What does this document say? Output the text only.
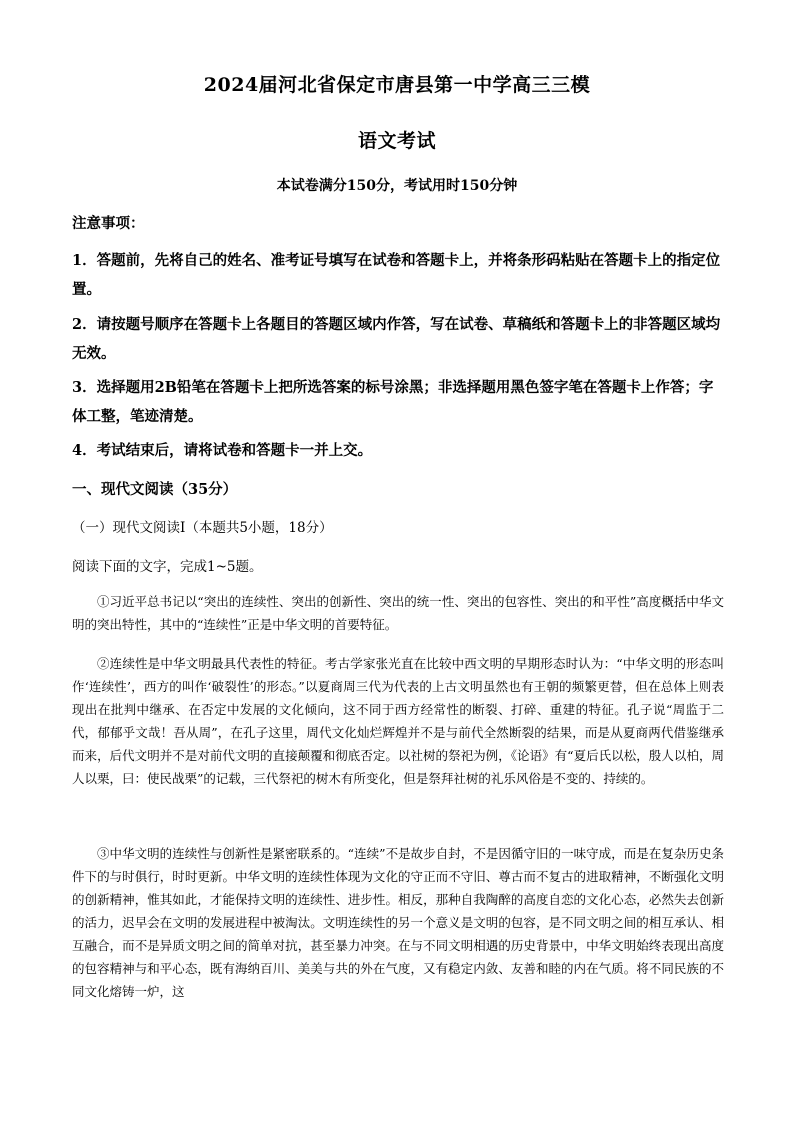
2024届河北省保定市唐县第一中学高三三模
语文考试
本试卷满分150分，考试用时150分钟
注意事项：
1．答题前，先将自己的姓名、准考证号填写在试卷和答题卡上，并将条形码粘贴在答题卡上的指定位置。
2．请按题号顺序在答题卡上各题目的答题区域内作答，写在试卷、草稿纸和答题卡上的非答题区域均无效。
3．选择题用2B铅笔在答题卡上把所选答案的标号涂黑；非选择题用黑色签字笔在答题卡上作答；字体工整，笔迹清楚。
4．考试结束后，请将试卷和答题卡一并上交。
一、现代文阅读（35分）
（一）现代文阅读Ⅰ（本题共5小题，18分）
阅读下面的文字，完成1~5题。
①习近平总书记以“突出的连续性、突出的创新性、突出的统一性、突出的包容性、突出的和平性”高度概括中华文明的突出特性，其中的“连续性”正是中华文明的首要特征。
②连续性是中华文明最具代表性的特征。考古学家张光直在比较中西文明的早期形态时认为：“中华文明的形态叫作‘连续性’，西方的叫作‘破裂性’的形态。”以夏商周三代为代表的上古文明虽然也有王朝的频繁更替，但在总体上则表现出在批判中继承、在否定中发展的文化倾向，这不同于西方经常性的断裂、打碎、重建的特征。孔子说“周监于二代，郁郁乎文哉！吾从周”，在孔子这里，周代文化灿烂辉煌并不是与前代全然断裂的结果，而是从夏商两代借鉴继承而来，后代文明并不是对前代文明的直接颠覆和彻底否定。以社树的祭祀为例，《论语》有“夏后氏以松，殷人以柏，周人以栗，曰：使民战栗”的记载，三代祭祀的树木有所变化，但是祭拜社树的礼乐风俗是不变的、持续的。
③中华文明的连续性与创新性是紧密联系的。“连续”不是故步自封，不是因循守旧的一味守成，而是在复杂历史条件下的与时俱行，时时更新。中华文明的连续性体现为文化的守正而不守旧、尊古而不复古的进取精神，不断强化文明的创新精神，惟其如此，才能保持文明的连续性、进步性。相反，那种自我陶醉的高度自恋的文化心态，必然失去创新的活力，迟早会在文明的发展进程中被淘汰。文明连续性的另一个意义是文明的包容，是不同文明之间的相互承认、相互融合，而不是异质文明之间的简单对抗，甚至暴力冲突。在与不同文明相遇的历史背景中，中华文明始终表现出高度的包容精神与和平心态，既有海纳百川、美美与共的外在气度，又有稳定内敛、友善和睦的内在气质。将不同民族的不同文化熔铸一炉，这
